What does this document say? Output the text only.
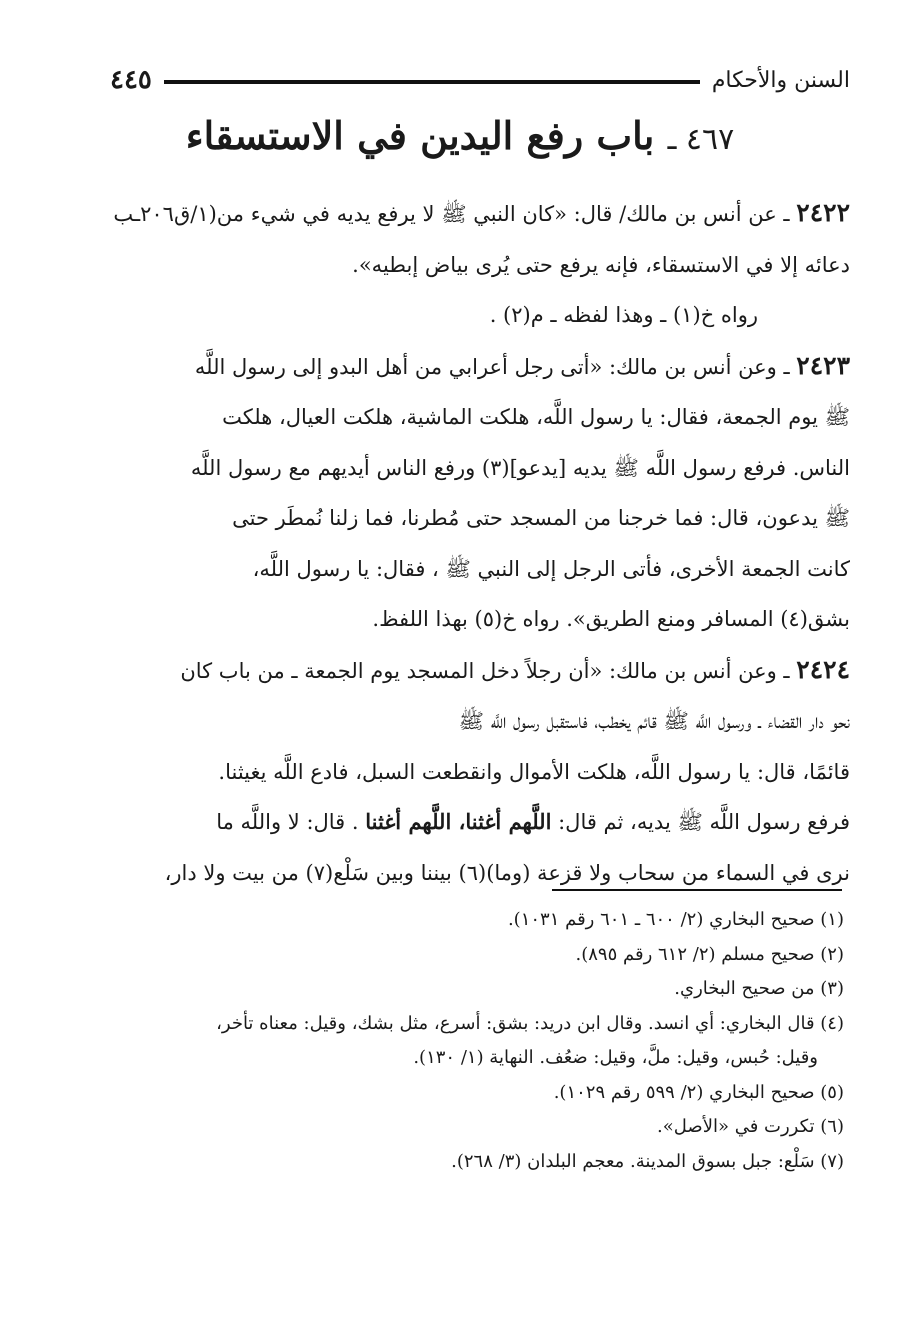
السنن والأحكام
٤٤٥
٤٦٧ ـ باب رفع اليدين في الاستسقاء

٢٤٢٢ ـ عن أنس بن مالك/ قال: «كان النبي ﷺ لا يرفع يديه في شيء من(١/ق٢٠٦ـب

دعائه إلا في الاستسقاء، فإنه يرفع حتى يُرى بياض إبطيه».

رواه خ(١) ـ وهذا لفظه ـ م(٢) .

٢٤٢٣ ـ وعن أنس بن مالك: «أتى رجل أعرابي من أهل البدو إلى رسول اللَّه

ﷺ يوم الجمعة، فقال: يا رسول اللَّه، هلكت الماشية، هلكت العيال، هلكت

الناس. فرفع رسول اللَّه ﷺ يديه [يدعو](٣) ورفع الناس أيديهم مع رسول اللَّه

ﷺ يدعون، قال: فما خرجنا من المسجد حتى مُطرنا، فما زلنا نُمطَر حتى

كانت الجمعة الأخرى، فأتى الرجل إلى النبي ﷺ ، فقال: يا رسول اللَّه،

بشق(٤) المسافر ومنع الطريق». رواه خ(٥) بهذا اللفظ.

٢٤٢٤ ـ وعن أنس بن مالك: «أن رجلاً دخل المسجد يوم الجمعة ـ من باب كان

نحو دار القضاء ـ ورسول اللَّه ﷺ قائم يخطب، فاستقبل رسول اللَّه ﷺ

قائمًا، قال: يا رسول اللَّه، هلكت الأموال وانقطعت السبل، فادع اللَّه يغيثنا.

فرفع رسول اللَّه ﷺ يديه، ثم قال: اللَّهم أغثنا، اللَّهم أغثنا . قال: لا واللَّه ما

نرى في السماء من سحاب ولا قزعة (وما)(٦) بيننا وبين سَلْع(٧) من بيت ولا دار،

(١) صحيح البخاري (٢/ ٦٠٠ ـ ٦٠١ رقم ١٠٣١).

(٢) صحيح مسلم (٢/ ٦١٢ رقم ٨٩٥).

(٣) من صحيح البخاري.

(٤) قال البخاري: أي انسد. وقال ابن دريد: بشق: أسرع، مثل بشك، وقيل: معناه تأخر،

وقيل: حُبس، وقيل: ملَّ، وقيل: ضعُف. النهاية (١/ ١٣٠).

(٥) صحيح البخاري (٢/ ٥٩٩ رقم ١٠٢٩).

(٦) تكررت في «الأصل».

(٧) سَلْع: جبل بسوق المدينة. معجم البلدان (٣/ ٢٦٨).
